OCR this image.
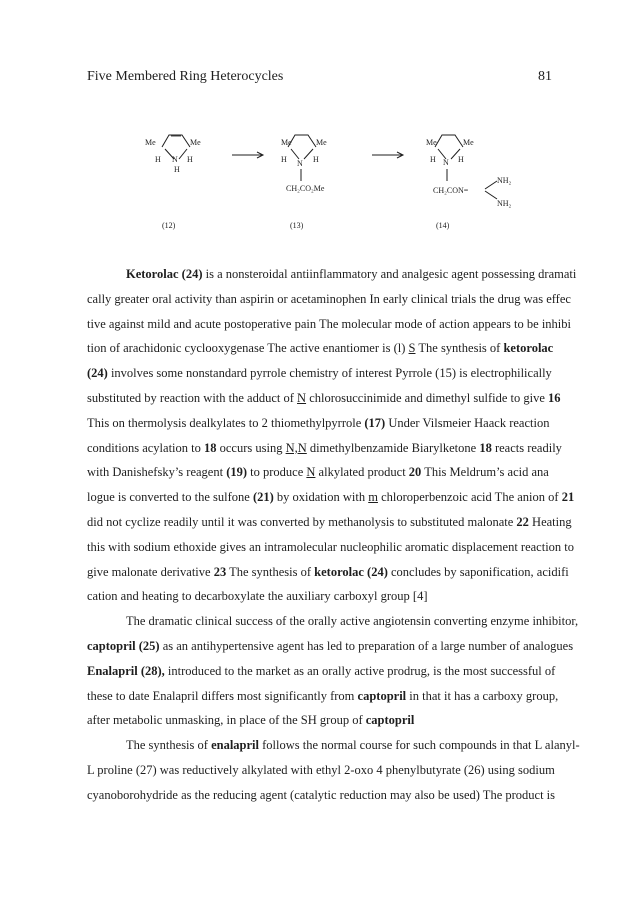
Five Membered Ring Heterocycles	81
Me	Me
H N H
H
Me	Me
H N H
CH₂CO₂Me
Me	Me
H N H
CH₂CON=
NH₂
NH₂
(12)	(13)	(14)
Ketorolac (24) is a nonsteroidal antiinflammatory and analgesic agent possessing dramati
cally greater oral activity than aspirin or acetaminophen In early clinical trials the drug was effec
tive against mild and acute postoperative pain The molecular mode of action appears to be inhibi
tion of arachidonic cyclooxygenase The active enantiomer is (l) S The synthesis of ketorolac
(24) involves some nonstandard pyrrole chemistry of interest Pyrrole (15) is electrophilically
substituted by reaction with the adduct of N chlorosuccinimide and dimethyl sulfide to give 16
This on thermolysis dealkylates to 2 thiomethylpyrrole (17) Under Vilsmeier Haack reaction
conditions acylation to 18 occurs using N,N dimethylbenzamide Biarylketone 18 reacts readily
with Danishefsky’s reagent (19) to produce N alkylated product 20 This Meldrum’s acid ana
logue is converted to the sulfone (21) by oxidation with m chloroperbenzoic acid The anion of 21
did not cyclize readily until it was converted by methanolysis to substituted malonate 22 Heating
this with sodium ethoxide gives an intramolecular nucleophilic aromatic displacement reaction to
give malonate derivative 23 The synthesis of ketorolac (24) concludes by saponification, acidifi
cation and heating to decarboxylate the auxiliary carboxyl group [4]
The dramatic clinical success of the orally active angiotensin converting enzyme inhibitor,
captopril (25) as an antihypertensive agent has led to preparation of a large number of analogues
Enalapril (28), introduced to the market as an orally active prodrug, is the most successful of
these to date Enalapril differs most significantly from captopril in that it has a carboxy group,
after metabolic unmasking, in place of the SH group of captopril
The synthesis of enalapril follows the normal course for such compounds in that L alanyl-
L proline (27) was reductively alkylated with ethyl 2-oxo 4 phenylbutyrate (26) using sodium
cyanoborohydride as the reducing agent (catalytic reduction may also be used) The product is
